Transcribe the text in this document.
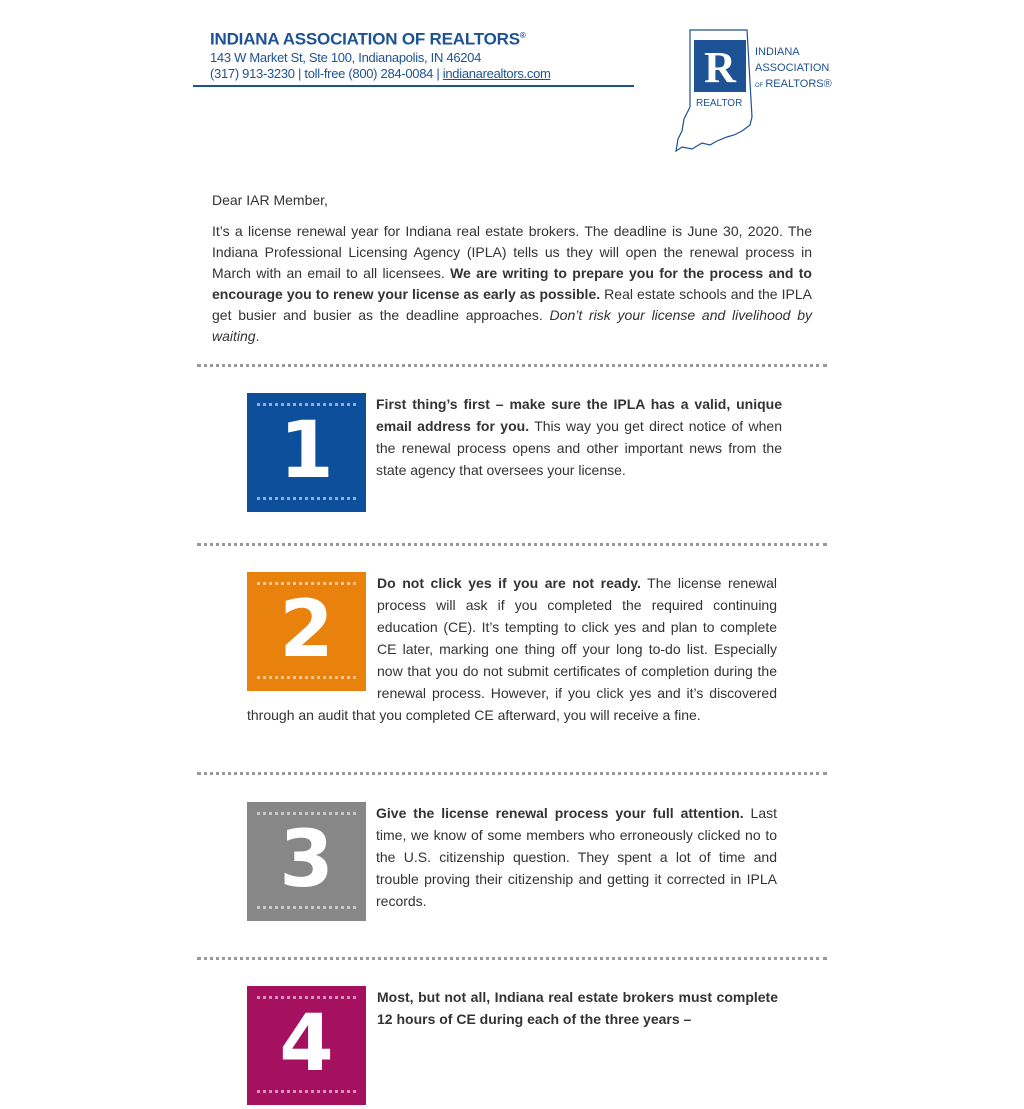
INDIANA ASSOCIATION OF REALTORS®
143 W Market St, Ste 100, Indianapolis, IN 46204
(317) 913-3230 | toll-free (800) 284-0084 | indianarealtors.com	R
REALTOR
INDIANA
ASSOCIATION
OF REALTORS®

Dear IAR Member,

It’s a license renewal year for Indiana real estate brokers. The deadline is June 30, 2020. The Indiana Professional Licensing Agency (IPLA) tells us they will open the renewal process in March with an email to all licensees. We are writing to prepare you for the process and to encourage you to renew your license as early as possible. Real estate schools and the IPLA get busier and busier as the deadline approaches. Don’t risk your license and livelihood by waiting.

1
First thing’s first – make sure the IPLA has a valid, unique email address for you. This way you get direct notice of when the renewal process opens and other important news from the state agency that oversees your license.
2
Do not click yes if you are not ready. The license renewal process will ask if you completed the required continuing education (CE). It’s tempting to click yes and plan to complete CE later, marking one thing off your long to-do list. Especially now that you do not submit certificates of completion during the renewal process. However, if you click yes and it’s discovered through an audit that you completed CE afterward, you will receive a fine.
3
Give the license renewal process your full attention. Last time, we know of some members who erroneously clicked no to the U.S. citizenship question. They spent a lot of time and trouble proving their citizenship and getting it corrected in IPLA records.
4
Most, but not all, Indiana real estate brokers must complete 12 hours of CE during each of the three years –
